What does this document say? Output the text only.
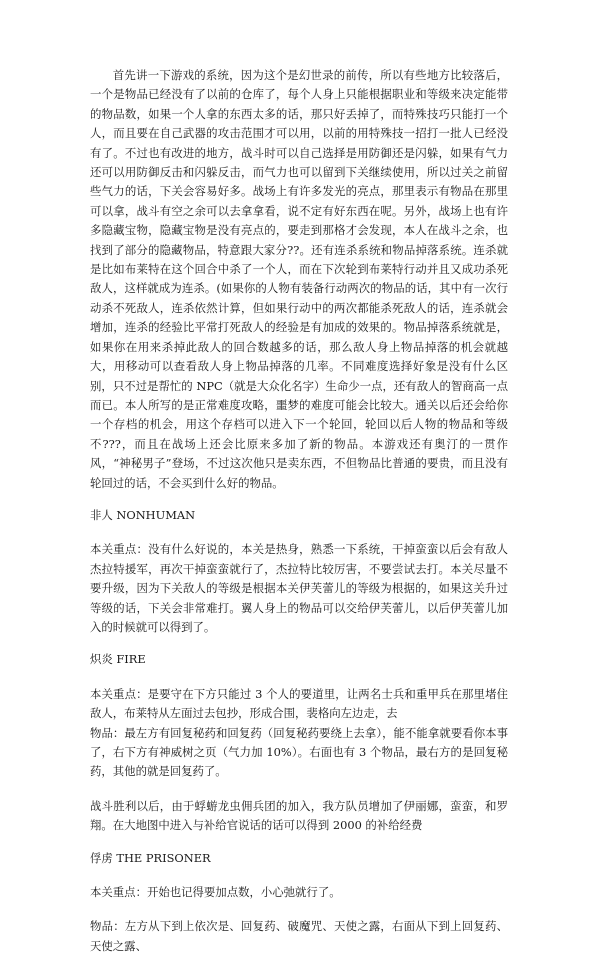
首先讲一下游戏的系统，因为这个是幻世录的前传，所以有些地方比较落后，一个是物品已经没有了以前的仓库了，每个人身上只能根据职业和等级来决定能带的物品数，如果一个人拿的东西太多的话，那只好丢掉了，而特殊技巧只能打一个人，而且要在自己武器的攻击范围才可以用，以前的用特殊技一招打一批人已经没有了。不过也有改进的地方，战斗时可以自己选择是用防御还是闪躲，如果有气力还可以用防御反击和闪躲反击，而气力也可以留到下关继续使用，所以过关之前留些气力的话，下关会容易好多。战场上有许多发光的亮点，那里表示有物品在那里可以拿，战斗有空之余可以去拿拿看，说不定有好东西在呢。另外，战场上也有许多隐藏宝物，隐藏宝物是没有亮点的，要走到那格才会发现，本人在战斗之余，也找到了部分的隐藏物品，特意跟大家分??。还有连杀系统和物品掉落系统。连杀就是比如布莱特在这个回合中杀了一个人，而在下次轮到布莱特行动并且又成功杀死敌人，这样就成为连杀。(如果你的人物有装备行动两次的物品的话，其中有一次行动杀不死敌人，连杀依然计算，但如果行动中的两次都能杀死敌人的话，连杀就会增加，连杀的经验比平常打死敌人的经验是有加成的效果的。物品掉落系统就是，如果你在用来杀掉此敌人的回合数越多的话，那么敌人身上物品掉落的机会就越大，用移动可以查看敌人身上物品掉落的几率。不同难度选择好象是没有什么区别，只不过是帮忙的 NPC（就是大众化名字）生命少一点，还有敌人的智商高一点而已。本人所写的是正常难度攻略，噩梦的难度可能会比较大。通关以后还会给你一个存档的机会，用这个存档可以进入下一个轮回，轮回以后人物的物品和等级不???，而且在战场上还会比原来多加了新的物品。本游戏还有奥汀的一贯作风，“神秘男子”登场，不过这次他只是卖东西，不但物品比普通的要贵，而且没有轮回过的话，不会买到什么好的物品。

非人 NONHUMAN

本关重点：没有什么好说的，本关是热身，熟悉一下系统，干掉蛮蛮以后会有敌人杰拉特援军，再次干掉蛮蛮就行了，杰拉特比较厉害，不要尝试去打。本关尽量不要升级，因为下关敌人的等级是根据本关伊芙蕾儿的等级为根据的，如果这关升过等级的话，下关会非常难打。翼人身上的物品可以交给伊芙蕾儿，以后伊芙蕾儿加入的时候就可以得到了。

炽炎 FIRE

本关重点：是要守在下方只能过 3 个人的要道里，让两名士兵和重甲兵在那里堵住敌人，布莱特从左面过去包抄，形成合围，裴格向左边走，去

物品：最左方有回复秘药和回复药（回复秘药要绕上去拿），能不能拿就要看你本事了，右下方有神威树之页（气力加 10%）。右面也有 3 个物品，最右方的是回复秘药，其他的就是回复药了。

战斗胜利以后，由于蜉蝣龙虫佣兵团的加入，我方队员增加了伊丽娜，蛮蛮，和罗翔。在大地图中进入与补给官说话的话可以得到 2000 的补给经费

俘虏 THE PRISONER

本关重点：开始也记得要加点数，小心弛就行了。

物品：左方从下到上依次是、回复药、破魔咒、天使之露，右面从下到上回复药、天使之露、
